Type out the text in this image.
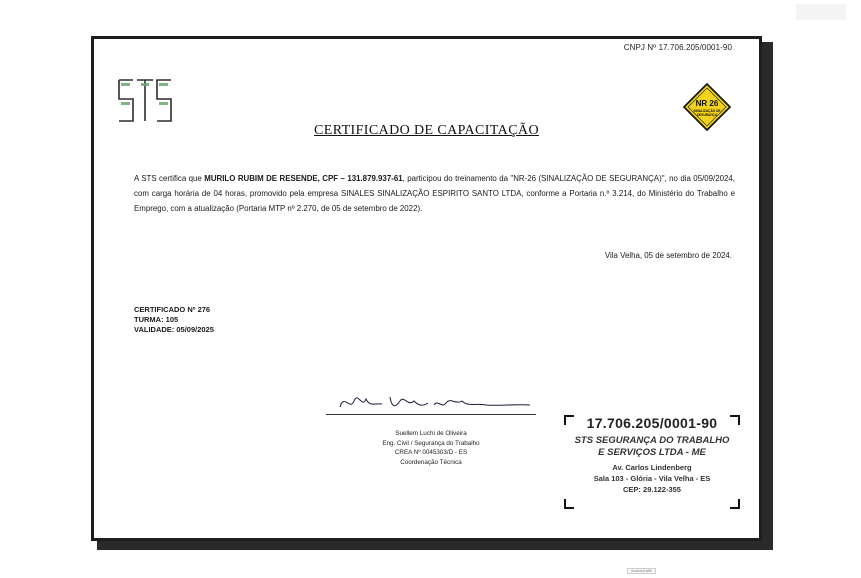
CNPJ Nº 17.706.205/0001-90
NR 26
SINALIZAÇÃO DE
SEGURANÇA
CERTIFICADO DE CAPACITAÇÃO
A STS certifica que MURILO RUBIM DE RESENDE, CPF – 131.879.937-61, participou do treinamento da "NR-26 (SINALIZAÇÃO DE SEGURANÇA)", no dia 05/09/2024, com carga horária de 04 horas, promovido pela empresa SINALES SINALIZAÇÃO ESPIRITO SANTO LTDA, conforme a Portaria n.º 3.214, do Ministério do Trabalho e Emprego, com a atualização (Portaria MTP nº 2.270, de 05 de setembro de 2022).
Vila Velha, 05 de setembro de 2024.
CERTIFICADO Nº 276
TURMA: 105
VALIDADE: 05/09/2025
Suellem Luchi de Oliveira
Eng. Civil / Segurança do Trabalho
CREA Nº 0045303/D - ES
Coordenação Técnica
17.706.205/0001-90
STS SEGURANÇA DO TRABALHO
E SERVIÇOS LTDA - ME
Av. Carlos Lindenberg
Sala 103 - Glória - Vila Velha - ES
CEP: 29.122-355
Scanned with
